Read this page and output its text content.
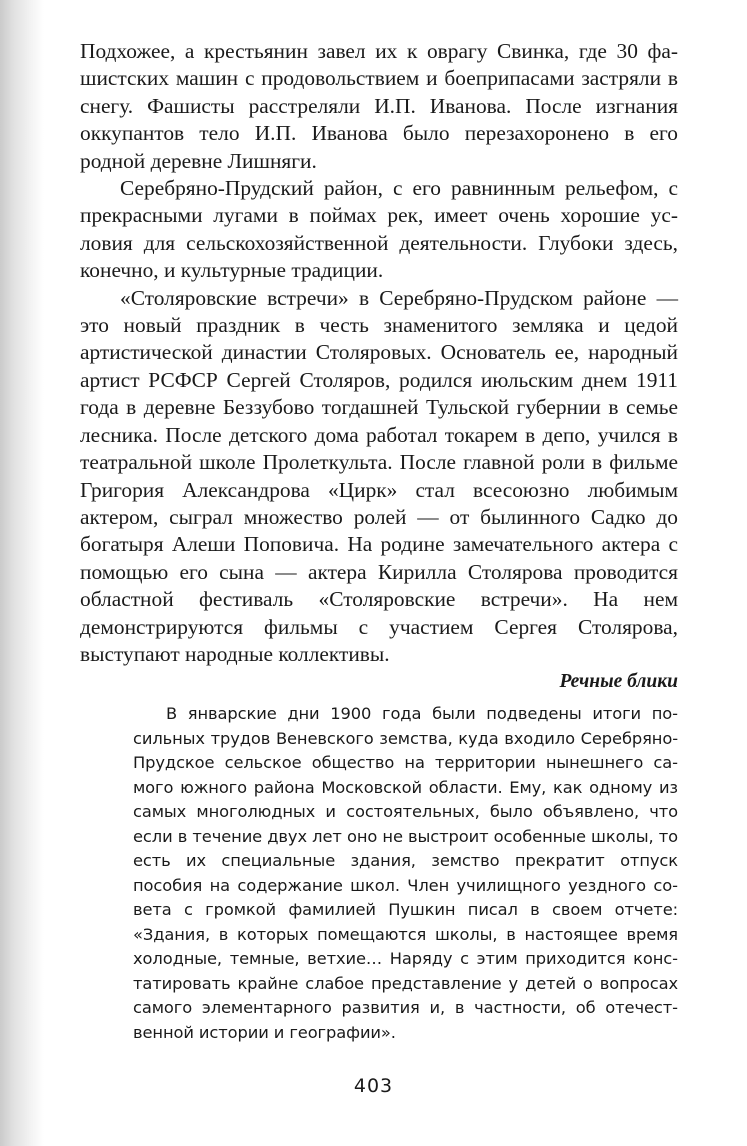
Подхожее, а крестьянин завел их к оврагу Свинка, где 30 фашистских машин с продовольствием и боеприпасами застряли в снегу. Фашисты расстреляли И.П. Иванова. После изгнания оккупантов тело И.П. Иванова было перезахоронено в его родной деревне Лишняги.

Серебряно-Прудский район, с его равнинным рельефом, с прекрасными лугами в поймах рек, имеет очень хорошие условия для сельскохозяйственной деятельности. Глубоки здесь, конечно, и культурные традиции.

«Столяровские встречи» в Серебряно-Прудском районе — это новый праздник в честь знаменитого земляка и цедой артистической династии Столяровых. Основатель ее, народный артист РСФСР Сергей Столяров, родился июльским днем 1911 года в деревне Беззубово тогдашней Тульской губернии в семье лесника. После детского дома работал токарем в депо, учился в театральной школе Пролеткульта. После главной роли в фильме Григория Александрова «Цирк» стал всесоюзно любимым актером, сыграл множество ролей — от былинного Садко до богатыря Алеши Поповича. На родине замечательного актера с помощью его сына — актера Кирилла Столярова проводится областной фестиваль «Столяровские встречи». На нем демонстрируются фильмы с участием Сергея Столярова, выступают народные коллективы.

Речные блики

В январские дни 1900 года были подведены итоги посильных трудов Веневского земства, куда входило Серебряно-Прудское сельское общество на территории нынешнего самого южного района Московской области. Ему, как одному из самых многолюдных и состоятельных, было объявлено, что если в течение двух лет оно не выстроит особенные школы, то есть их специальные здания, земство прекратит отпуск пособия на содержание школ. Член училищного уездного совета с громкой фамилией Пушкин писал в своем отчете: «Здания, в которых помещаются школы, в настоящее время холодные, темные, ветхие… Наряду с этим приходится констатировать крайне слабое представление у детей о вопросах самого элементарного развития и, в частности, об отечественной истории и географии».

403
